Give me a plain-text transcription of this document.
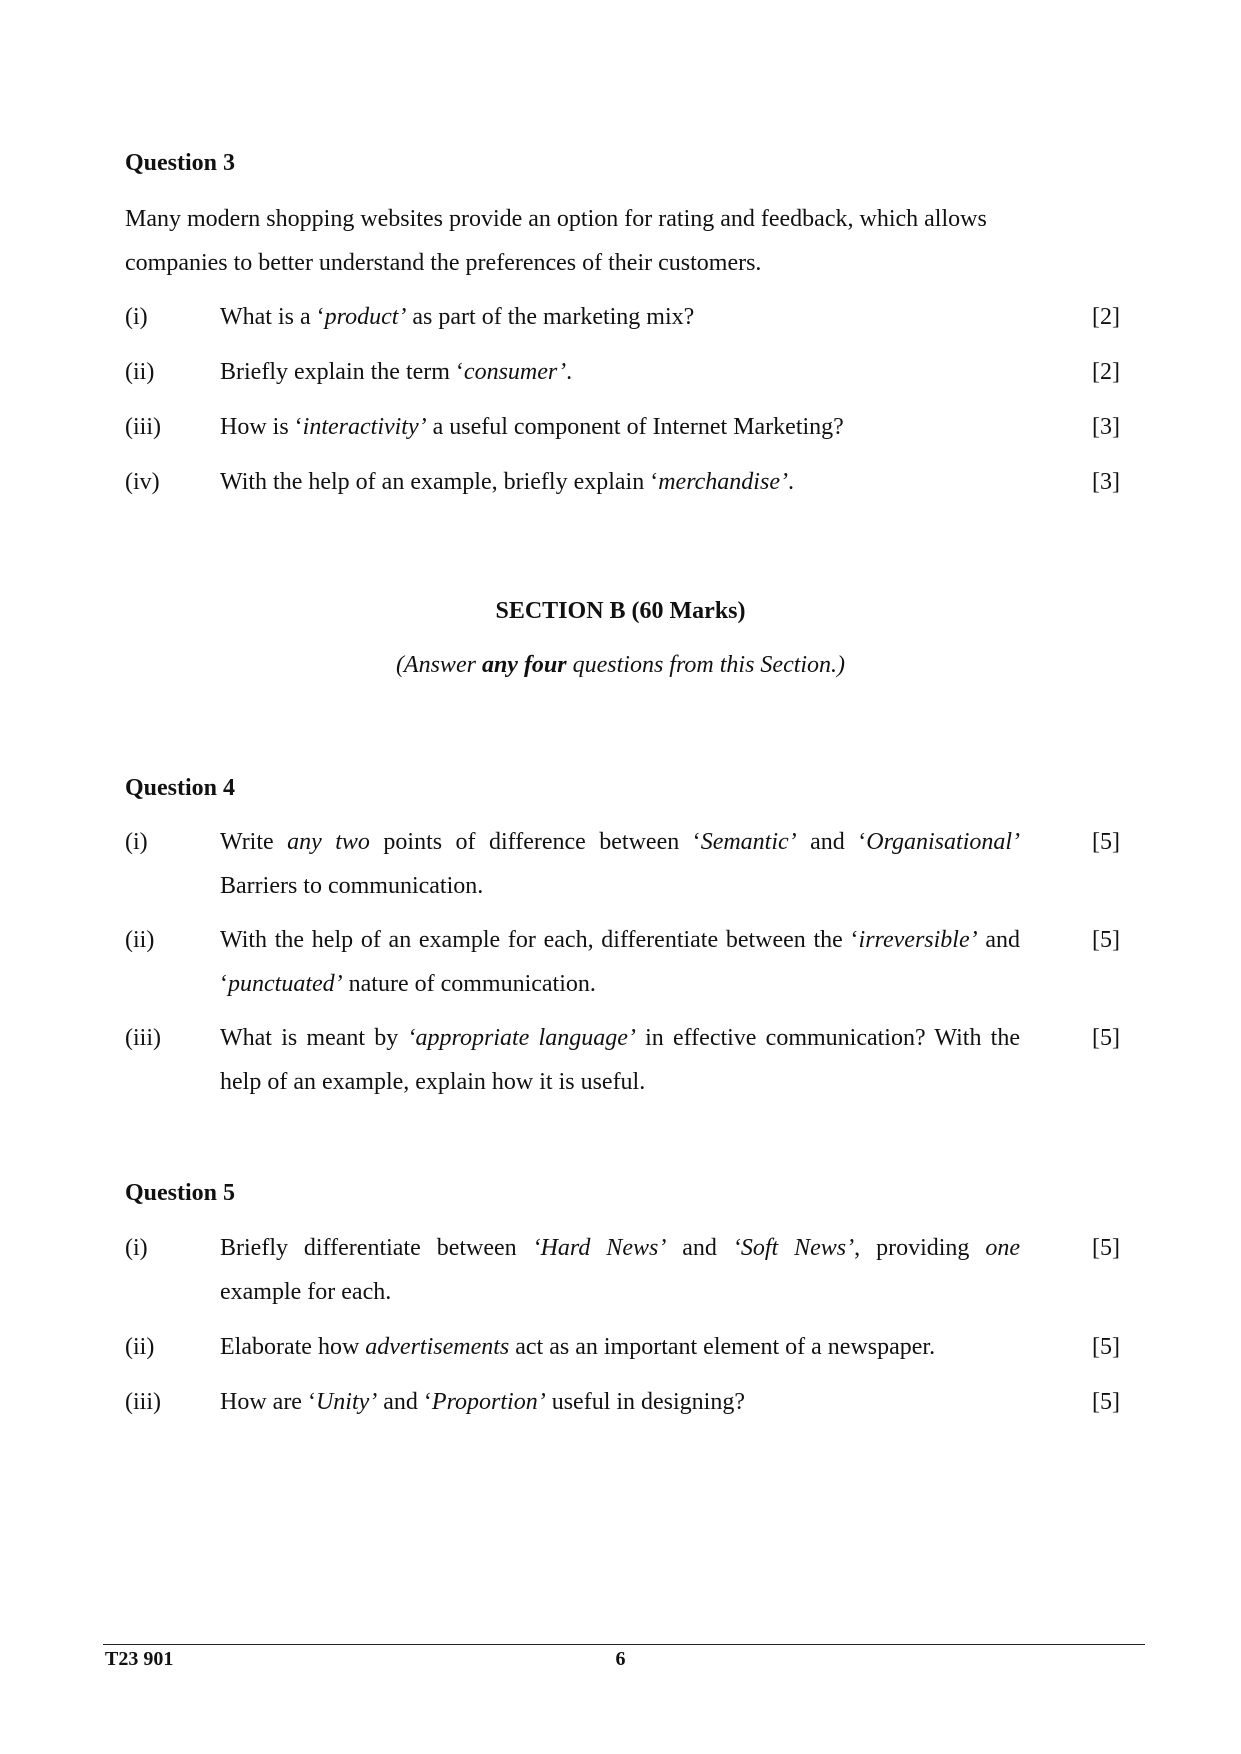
Question 3
Many modern shopping websites provide an option for rating and feedback, which allows
companies to better understand the preferences of their customers.
(i)	What is a ‘product’ as part of the marketing mix?	[2]
(ii)	Briefly explain the term ‘consumer’.	[2]
(iii) How is ‘interactivity’ a useful component of Internet Marketing?	[3]
(iv)	With the help of an example, briefly explain ‘merchandise’.	[3]
SECTION B (60 Marks)
(Answer any four questions from this Section.)
Question 4
(i)	Write any two points of difference between ‘Semantic’ and ‘Organisational’
Barriers to communication.
[5]
(ii)	With the help of an example for each, differentiate between the ‘irreversible’ and
‘punctuated’ nature of communication.
[5]
(iii) What is meant by ‘appropriate language’ in effective communication? With the
help of an example, explain how it is useful.
[5]
Question 5
(i)	Briefly differentiate between ‘Hard News’ and ‘Soft News’, providing one
example for each.
[5]
(ii)	Elaborate how advertisements act as an important element of a newspaper.	[5]
(iii) How are ‘Unity’ and ‘Proportion’ useful in designing?	[5]
T23 901	6
